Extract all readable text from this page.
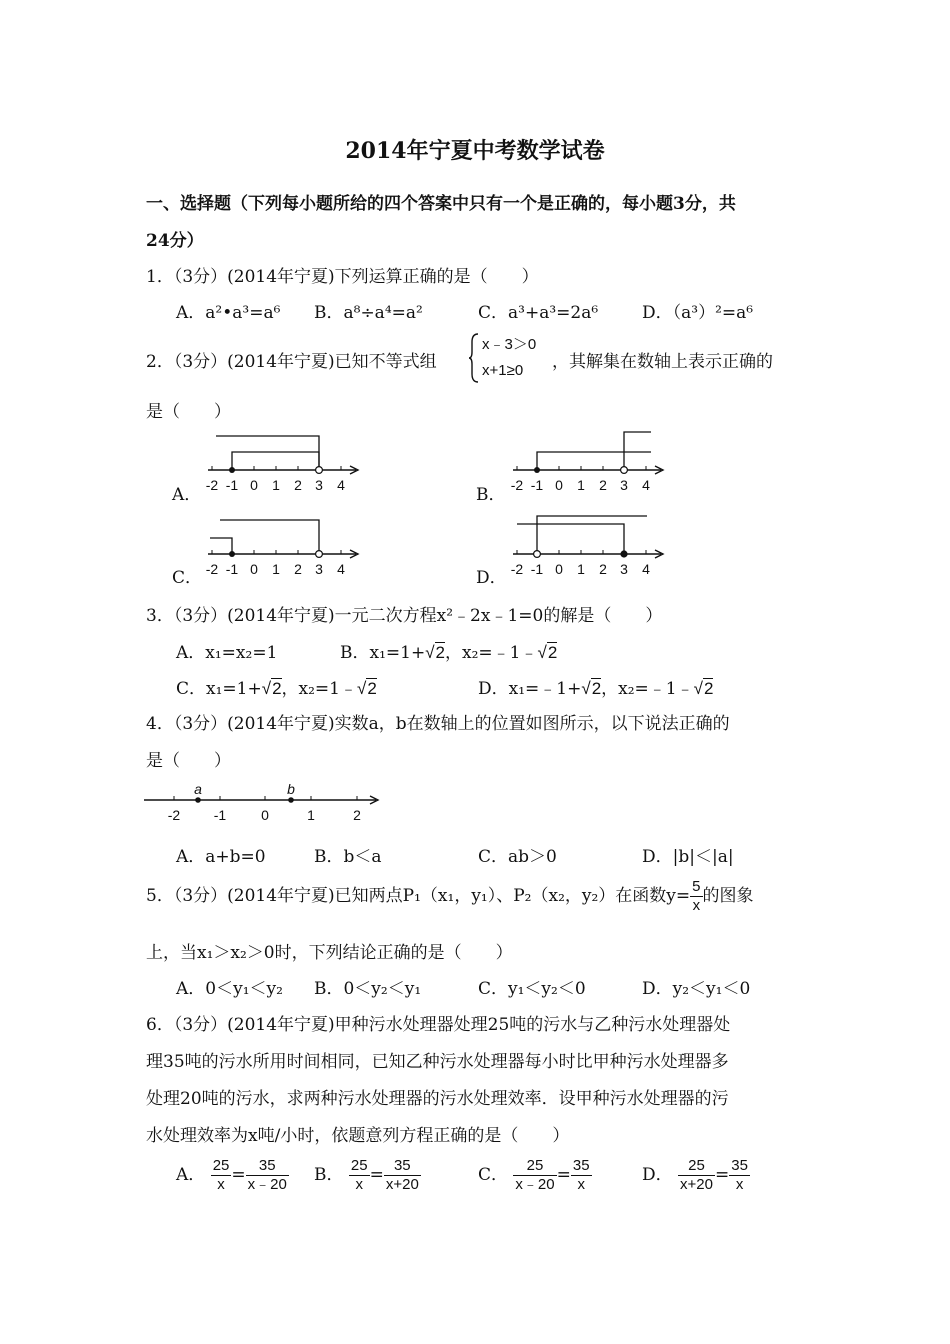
2014年宁夏中考数学试卷
一、选择题（下列每小题所给的四个答案中只有一个是正确的，每小题3分，共
24分）
1．（3分）(2014年宁夏)下列运算正确的是（　　）
A．a²•a³=a⁶ B．a⁸÷a⁴=a²	C．a³+a³=2a⁶	D．（a³）²=a⁶
2．（3分）(2014年宁夏)已知不等式组
x﹣3＞0
x+1≥0 ，其解集在数轴上表示正确的
是（　　）
A．	B．
C．	D．
-2 -1 0 1 2 3 4	-2 -1 0 1 2 3 4
-2 -1 0 1 2 3 4	-2 -1 0 1 2 3 4
3．（3分）(2014年宁夏)一元二次方程x²﹣2x﹣1=0的解是（　　）
A．x₁=x₂=1	B．x₁=1+√2，x₂=﹣1﹣√2
C．x₁=1+√2，x₂=1﹣√2	D．x₁=﹣1+√2，x₂=﹣1﹣√2
4．（3分）(2014年宁夏)实数a，b在数轴上的位置如图所示，以下说法正确的
是（　　）
a	b
-2 -1 0	1	2
A．a+b=0	B．b＜a	C．ab＞0	D．|b|＜|a|
5．（3分）(2014年宁夏)已知两点P₁（x₁，y₁）、P₂（x₂，y₂）在函数$y= \frac{5}{x}$ 的图象
上，当x₁＞x₂＞0时，下列结论正确的是（　　）
A．0＜y₁＜y₂ B．0＜y₂＜y₁	C．y₁＜y₂＜0	D．y₂＜y₁＜0
6．（3分）(2014年宁夏)甲种污水处理器处理25吨的污水与乙种污水处理器处
理35吨的污水所用时间相同，已知乙种污水处理器每小时比甲种污水处理器多
处理20吨的污水，求两种污水处理器的污水处理效率．设甲种污水处理器的污
水处理效率为x吨/小时，依题意列方程正确的是（　　）
A． $\frac{25}{x} = \frac{35}{x﹣20}$ B． $\frac{25}{x} = \frac{35}{x+20}$	C． $\frac{25}{x﹣20} = \frac{35}{x}$	D． $\frac{25}{x+20} = \frac{35}{x}$
